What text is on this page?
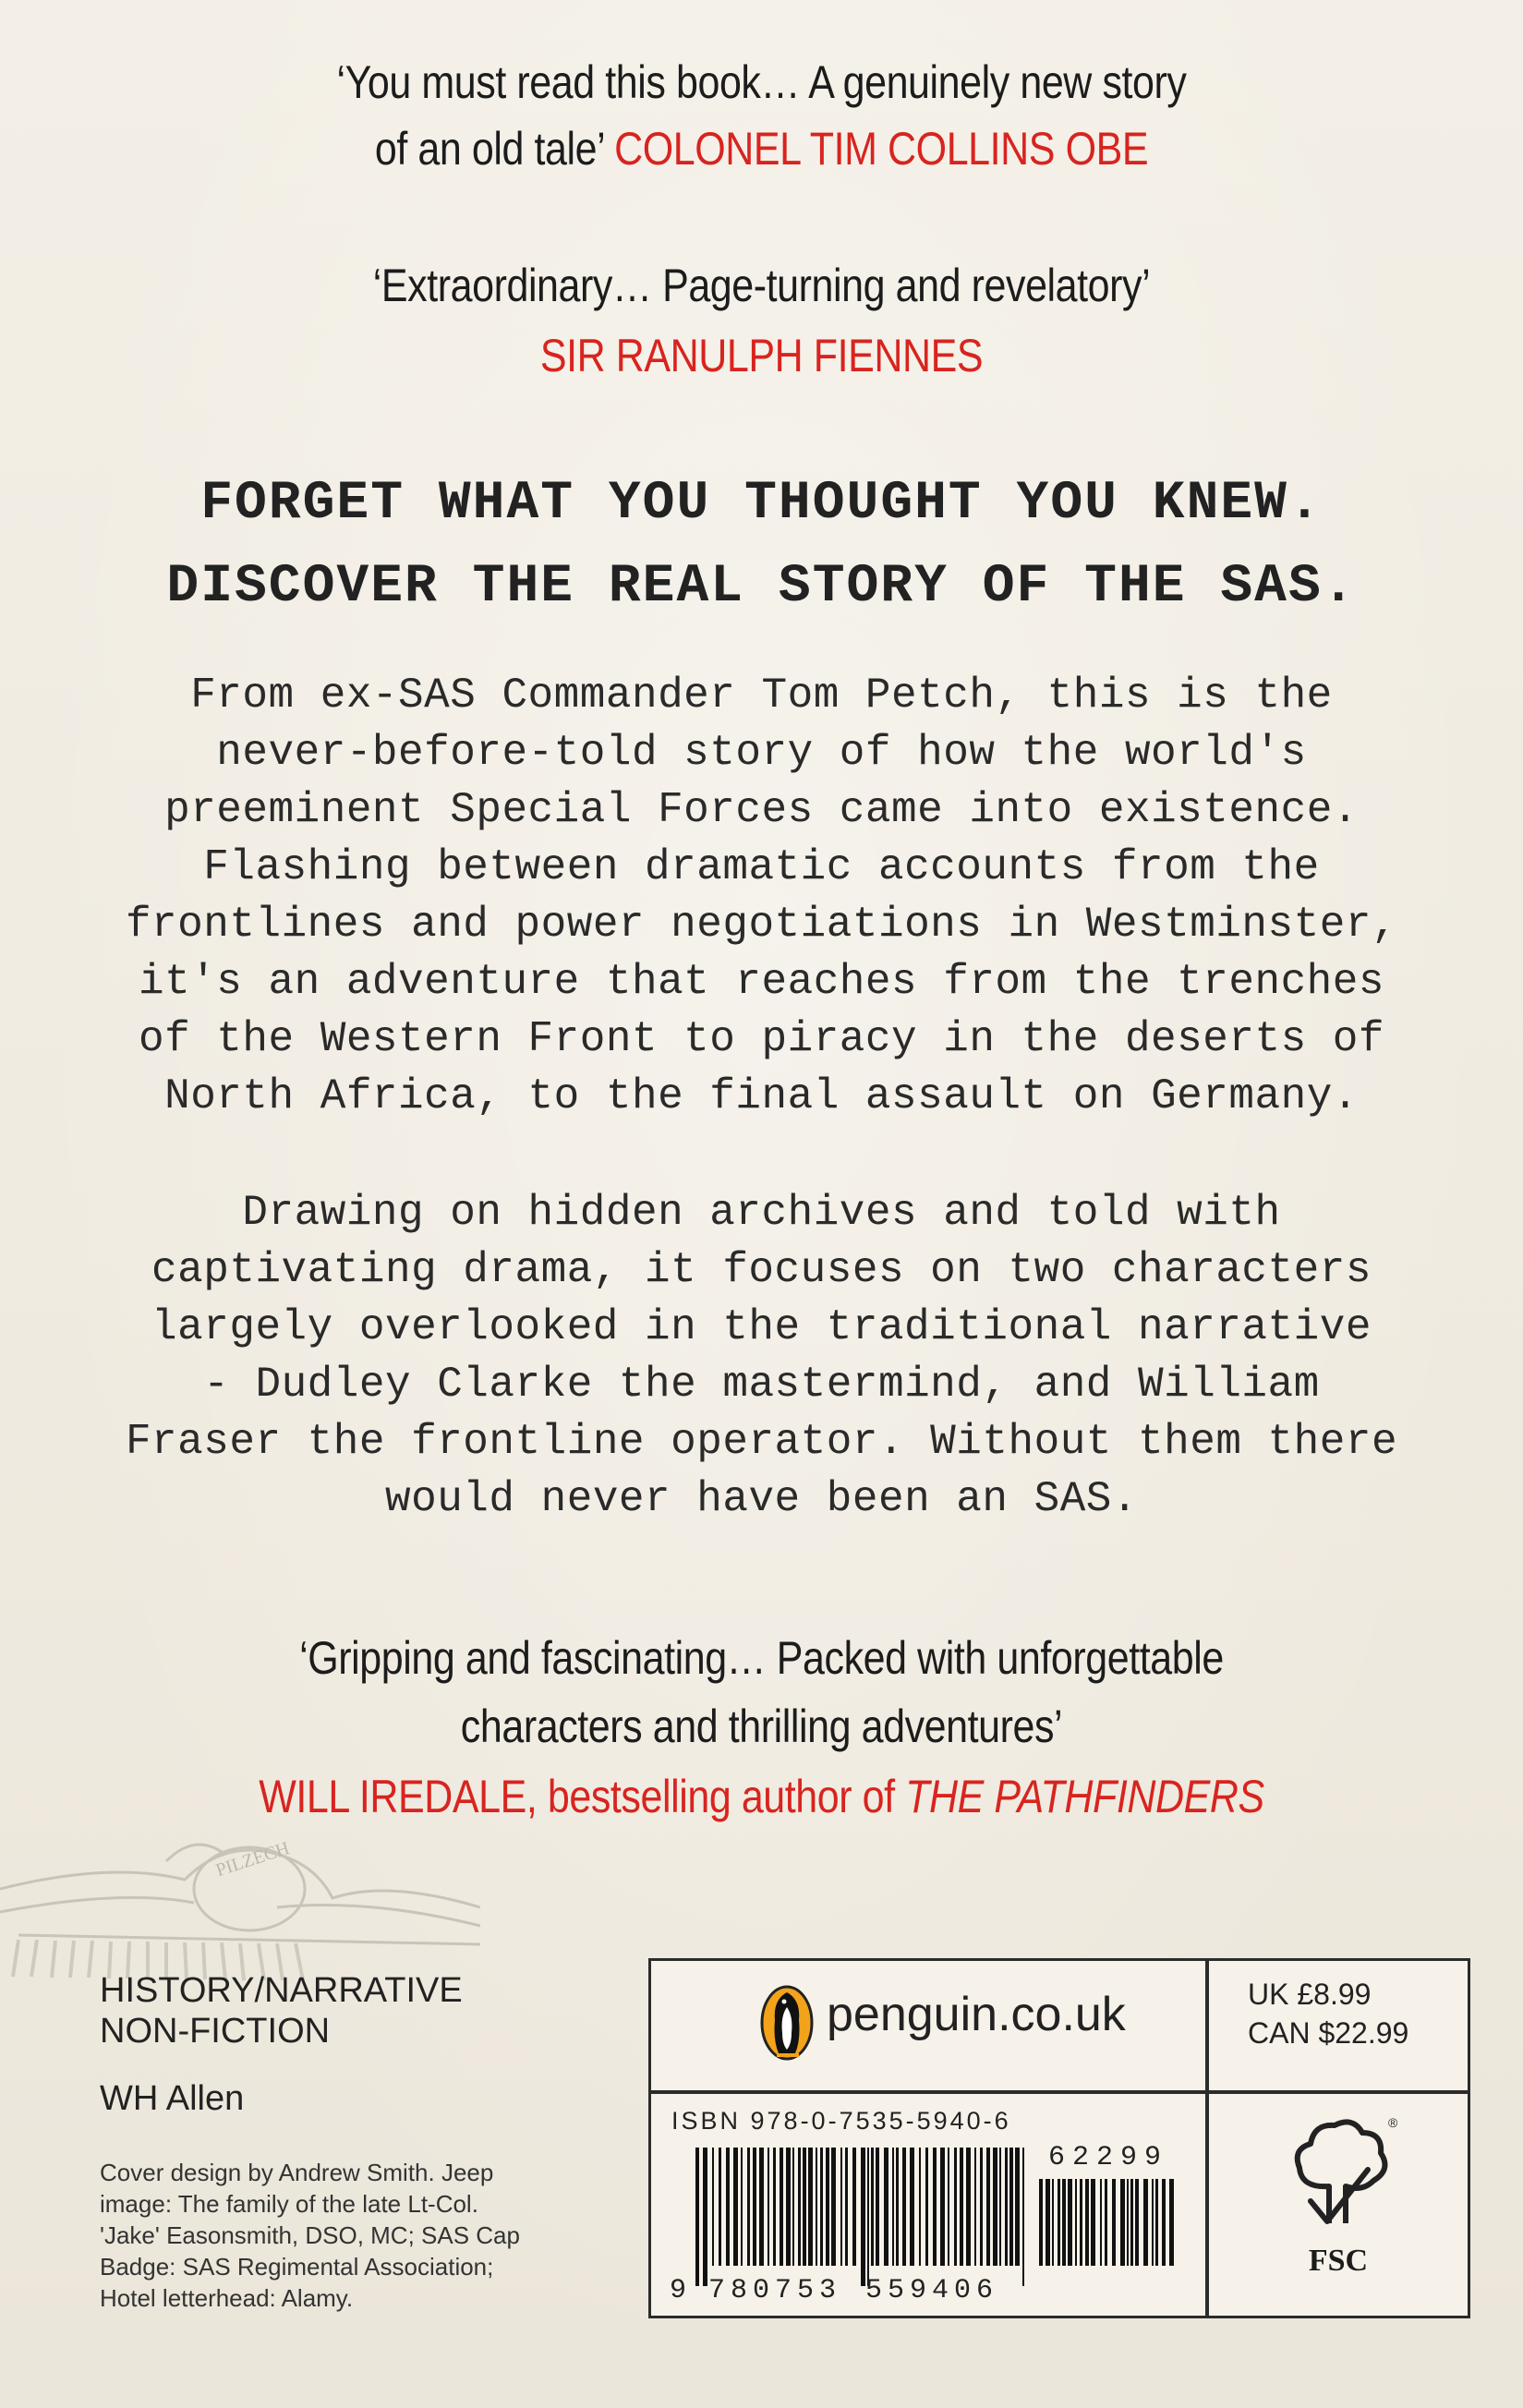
‘You must read this book… A genuinely new story
of an old tale’ COLONEL TIM COLLINS OBE
‘Extraordinary… Page-turning and revelatory’
SIR RANULPH FIENNES
FORGET WHAT YOU THOUGHT YOU KNEW.
DISCOVER THE REAL STORY OF THE SAS.
From ex-SAS Commander Tom Petch, this is the
never-before-told story of how the world's
preeminent Special Forces came into existence.
Flashing between dramatic accounts from the
frontlines and power negotiations in Westminster,
it's an adventure that reaches from the trenches
of the Western Front to piracy in the deserts of
North Africa, to the final assault on Germany.
Drawing on hidden archives and told with
captivating drama, it focuses on two characters
largely overlooked in the traditional narrative
- Dudley Clarke the mastermind, and William
Fraser the frontline operator. Without them there
would never have been an SAS.
‘Gripping and fascinating… Packed with unforgettable
characters and thrilling adventures’
WILL IREDALE, bestselling author of THE PATHFINDERS
PILZECH
HISTORY/NARRATIVE
NON-FICTION
WH Allen
Cover design by Andrew Smith. Jeep
image: The family of the late Lt-Col.
'Jake' Easonsmith, DSO, MC; SAS Cap
Badge: SAS Regimental Association;
Hotel letterhead: Alamy.
penguin.co.uk	UK £8.99
CAN $22.99
ISBN 978-0-7535-5940-6
62299
9 780753 559406
®
FSC
